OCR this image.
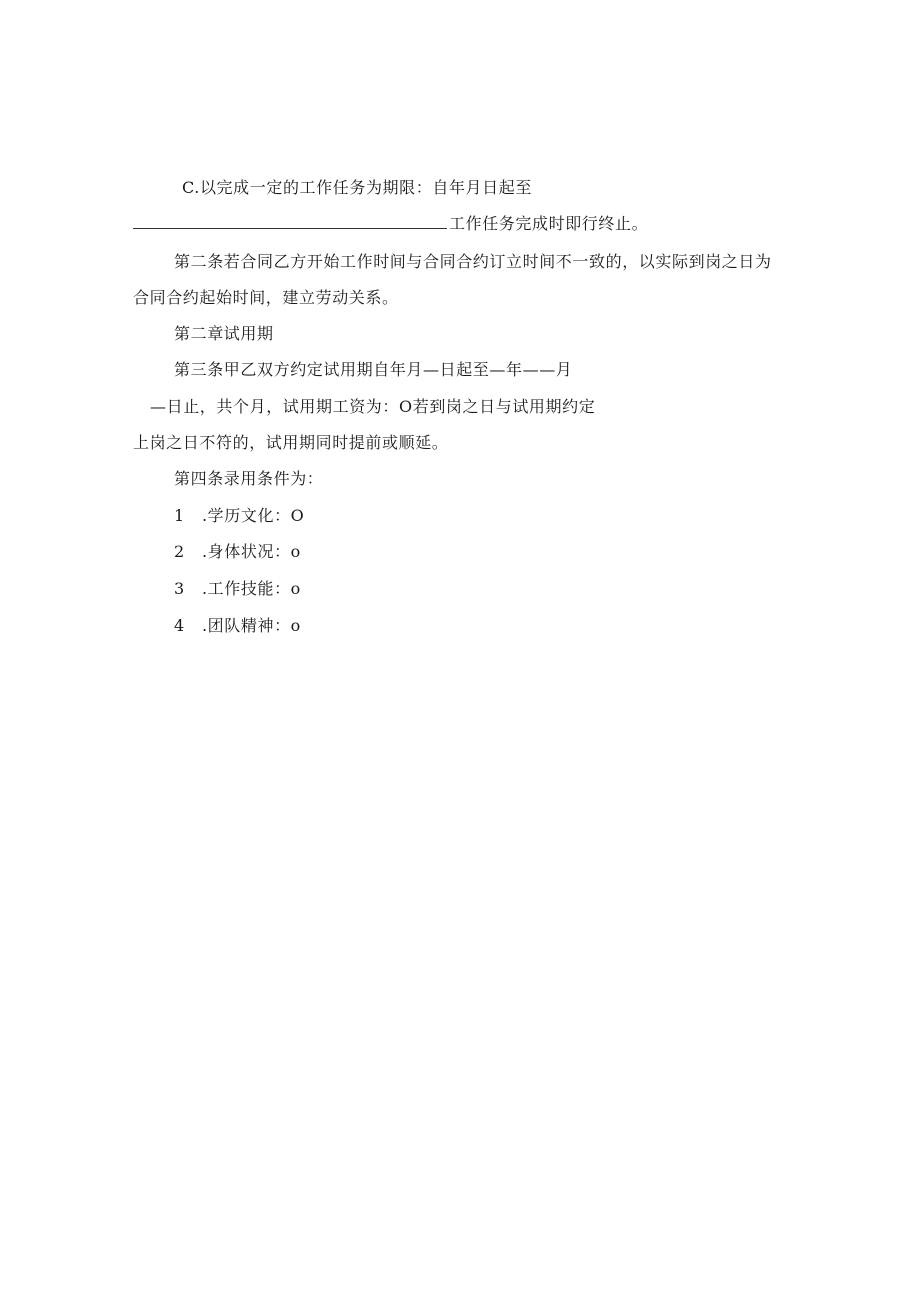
C.以完成一定的工作任务为期限：自年月日起至
工作任务完成时即行终止。
第二条若合同乙方开始工作时间与合同合约订立时间不一致的，以实际到岗之日为
合同合约起始时间，建立劳动关系。
第二章试用期
第三条甲乙双方约定试用期自年月—日起至—年——月
—日止，共个月，试用期工资为：O若到岗之日与试用期约定
上岗之日不符的，试用期同时提前或顺延。
第四条录用条件为：
1 .学历文化：O
2 .身体状况：o
3 .工作技能：o
4 .团队精神：o
